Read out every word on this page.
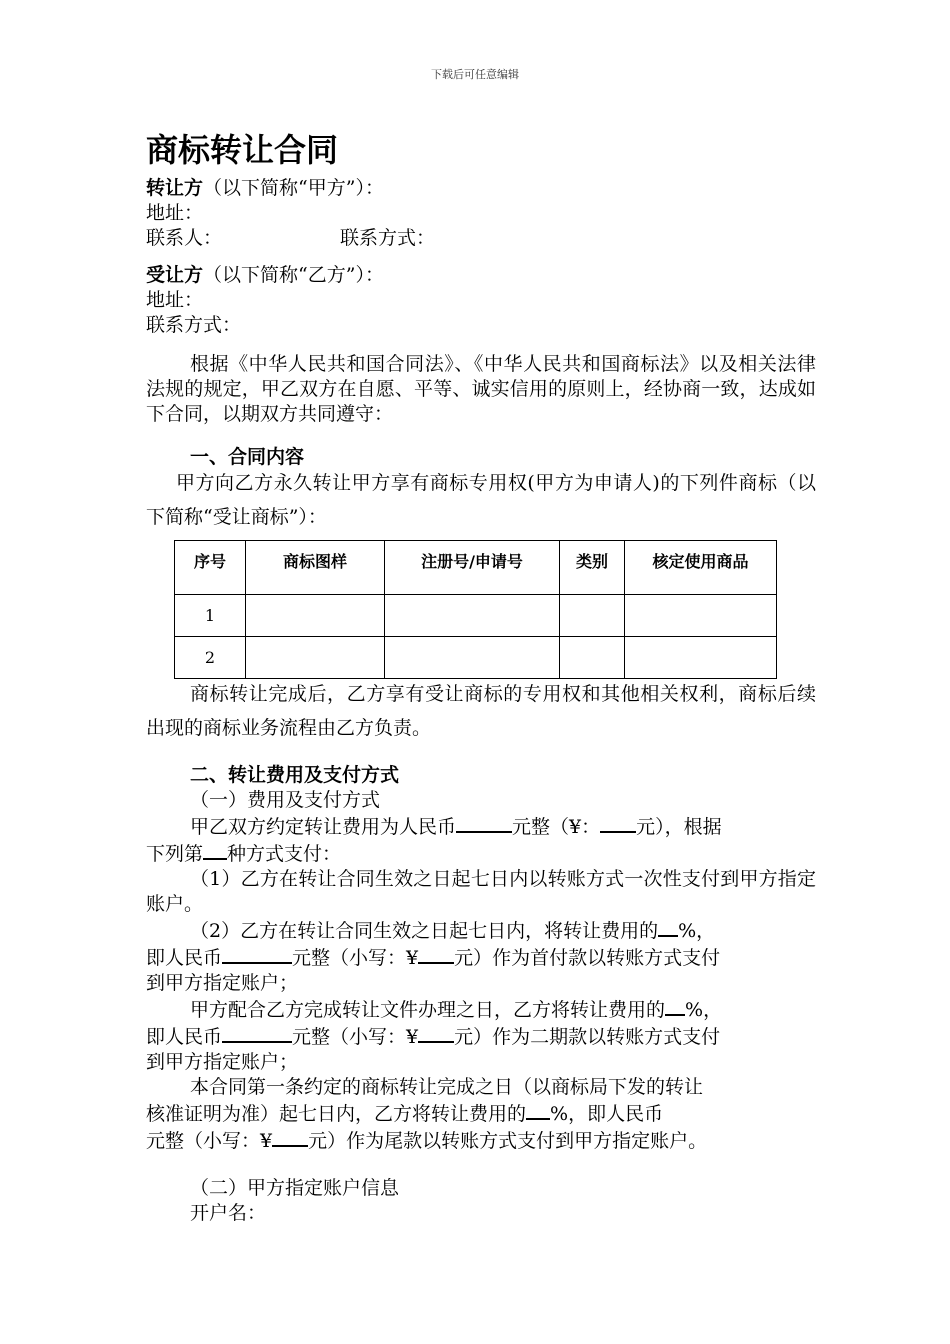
下载后可任意编辑
商标转让合同
转让方（以下简称“甲方”）：
地址：
联系人：	联系方式：
受让方（以下简称“乙方”）：
地址：
联系方式：
根据《中华人民共和国合同法》、《中华人民共和国商标法》以及相关法律法规的规定，甲乙双方在自愿、平等、诚实信用的原则上，经协商一致，达成如下合同，以期双方共同遵守：
一、合同内容
甲方向乙方永久转让甲方享有商标专用权(甲方为申请人)的下列件商标（以下简称“受让商标”）：
序号	商标图样	注册号/申请号	类别	核定使用商品
1				
2				
商标转让完成后，乙方享有受让商标的专用权和其他相关权利，商标后续出现的商标业务流程由乙方负责。
二、转让费用及支付方式
（一）费用及支付方式
甲乙双方约定转让费用为人民币	元整（¥： 元），根据
下列第 种方式支付：
（1）乙方在转让合同生效之日起七日内以转账方式一次性支付到甲方指定账户。
（2）乙方在转让合同生效之日起七日内，将转让费用的 %，
即人民币	元整（小写：¥ 元）作为首付款以转账方式支付
到甲方指定账户；
甲方配合乙方完成转让文件办理之日，乙方将转让费用的 %，
即人民币	元整（小写：¥ 元）作为二期款以转账方式支付
到甲方指定账户；
本合同第一条约定的商标转让完成之日（以商标局下发的转让
核准证明为准）起七日内，乙方将转让费用的 %，即人民币
元整（小写：¥ 元）作为尾款以转账方式支付到甲方指定账户。
（二）甲方指定账户信息
开户名：
